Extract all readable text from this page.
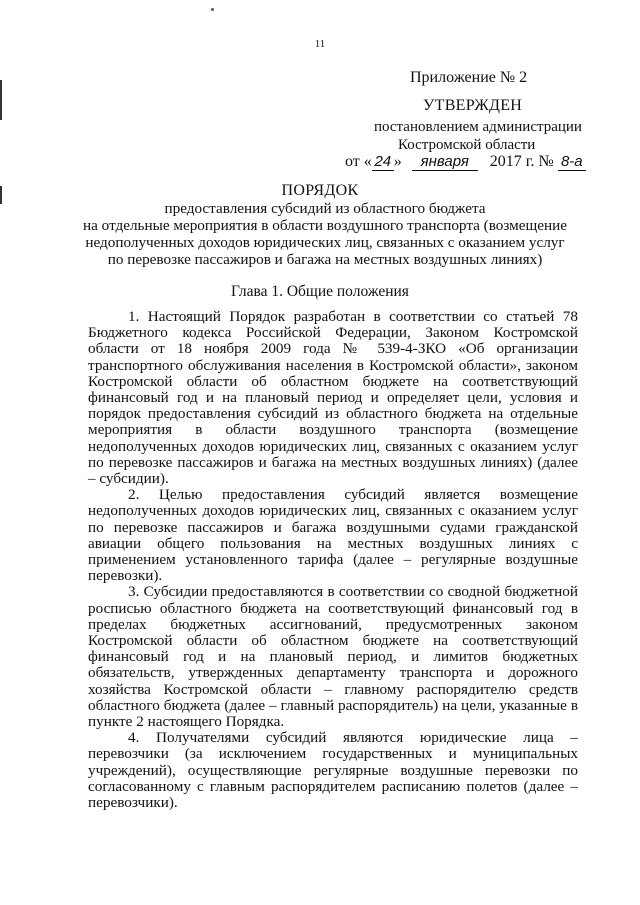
11
Приложение № 2
УТВЕРЖДЕН
постановлением администрации
Костромской области
от « 24 » января 2017 г. № 8-а
ПОРЯДОК
предоставления субсидий из областного бюджета
на отдельные мероприятия в области воздушного транспорта (возмещение
недополученных доходов юридических лиц, связанных с оказанием услуг
по перевозке пассажиров и багажа на местных воздушных линиях)
Глава 1. Общие положения

1. Настоящий Порядок разработан в соответствии со статьей 78 Бюджетного кодекса Российской Федерации, Законом Костромской области от 18 ноября 2009 года № 539-4-ЗКО «Об организации транспортного обслуживания населения в Костромской области», законом Костромской области об областном бюджете на соответствующий финансовый год и на плановый период и определяет цели, условия и порядок предоставления субсидий из областного бюджета на отдельные мероприятия в области воздушного транспорта (возмещение недополученных доходов юридических лиц, связанных с оказанием услуг по перевозке пассажиров и багажа на местных воздушных линиях) (далее – субсидии).

2. Целью предоставления субсидий является возмещение недополученных доходов юридических лиц, связанных с оказанием услуг по перевозке пассажиров и багажа воздушными судами гражданской авиации общего пользования на местных воздушных линиях с применением установленного тарифа (далее – регулярные воздушные перевозки).

3. Субсидии предоставляются в соответствии со сводной бюджетной росписью областного бюджета на соответствующий финансовый год в пределах бюджетных ассигнований, предусмотренных законом Костромской области об областном бюджете на соответствующий финансовый год и на плановый период, и лимитов бюджетных обязательств, утвержденных департаменту транспорта и дорожного хозяйства Костромской области – главному распорядителю средств областного бюджета (далее – главный распорядитель) на цели, указанные в пункте 2 настоящего Порядка.

4. Получателями субсидий являются юридические лица – перевозчики (за исключением государственных и муниципальных учреждений), осуществляющие регулярные воздушные перевозки по согласованному с главным распорядителем расписанию полетов (далее – перевозчики).
